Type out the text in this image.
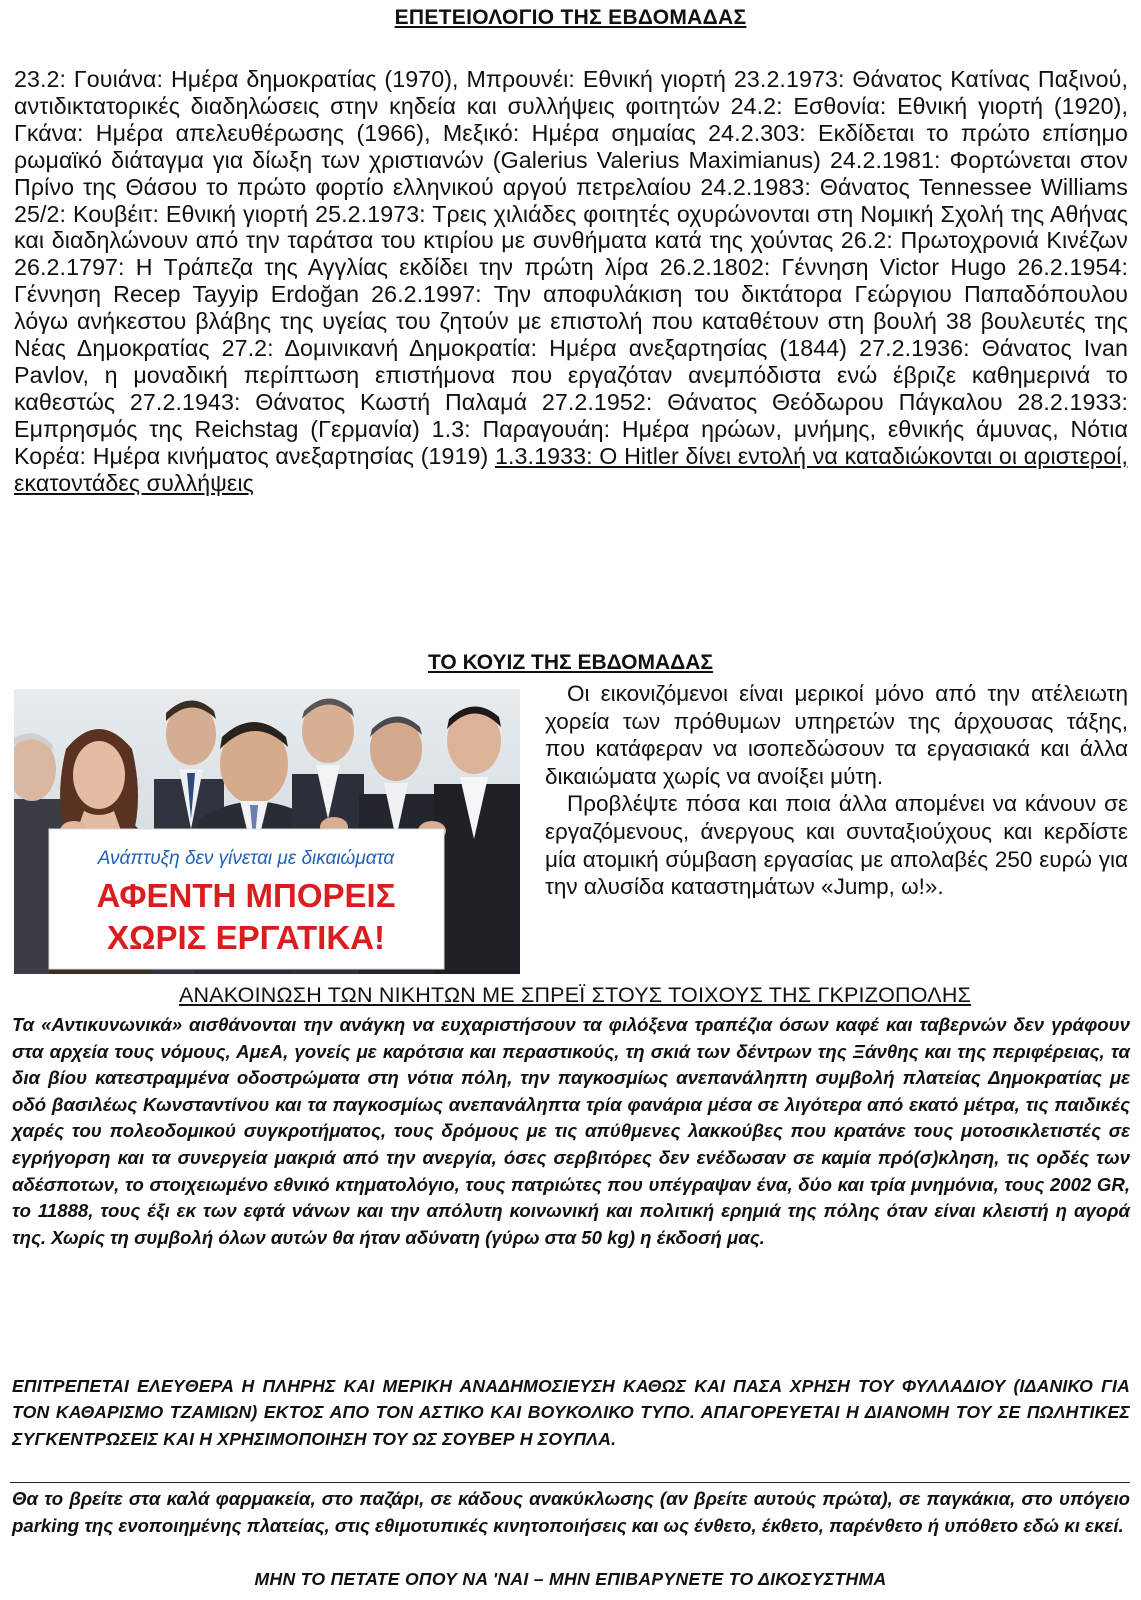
ΕΠΕΤΕΙΟΛΟΓΙΟ ΤΗΣ ΕΒΔΟΜΑΔΑΣ
23.2: Γουιάνα: Ημέρα δημοκρατίας (1970), Μπρουνέι: Εθνική γιορτή 23.2.1973: Θάνατος Κατίνας Παξινού, αντιδικτατορικές διαδηλώσεις στην κηδεία και συλλήψεις φοιτητών 24.2: Εσθονία: Εθνική γιορτή (1920), Γκάνα: Ημέρα απελευθέρωσης (1966), Μεξικό: Ημέρα σημαίας 24.2.303: Εκδίδεται το πρώτο επίσημο ρωμαϊκό διάταγμα για δίωξη των χριστιανών (Galerius Valerius Maximianus) 24.2.1981: Φορτώνεται στον Πρίνο της Θάσου το πρώτο φορτίο ελληνικού αργού πετρελαίου 24.2.1983: Θάνατος Tennessee Williams 25/2: Κουβέιτ: Εθνική γιορτή 25.2.1973: Τρεις χιλιάδες φοιτητές οχυρώνονται στη Νομική Σχολή της Αθήνας και διαδηλώνουν από την ταράτσα του κτιρίου με συνθήματα κατά της χούντας 26.2: Πρωτοχρονιά Κινέζων 26.2.1797: Η Τράπεζα της Αγγλίας εκδίδει την πρώτη λίρα 26.2.1802: Γέννηση Victor Hugo 26.2.1954: Γέννηση Recep Tayyip Erdoğan 26.2.1997: Την αποφυλάκιση του δικτάτορα Γεώργιου Παπαδόπουλου λόγω ανήκεστου βλάβης της υγείας του ζητούν με επιστολή που καταθέτουν στη βουλή 38 βουλευτές της Νέας Δημοκρατίας 27.2: Δομινικανή Δημοκρατία: Ημέρα ανεξαρτησίας (1844) 27.2.1936: Θάνατος Ivan Pavlov, η μοναδική περίπτωση επιστήμονα που εργαζόταν ανεμπόδιστα ενώ έβριζε καθημερινά το καθεστώς 27.2.1943: Θάνατος Κωστή Παλαμά 27.2.1952: Θάνατος Θεόδωρου Πάγκαλου 28.2.1933: Εμπρησμός της Reichstag (Γερμανία) 1.3: Παραγουάη: Ημέρα ηρώων, μνήμης, εθνικής άμυνας, Νότια Κορέα: Ημέρα κινήματος ανεξαρτησίας (1919) 1.3.1933: Ο Hitler δίνει εντολή να καταδιώκονται οι αριστεροί, εκατοντάδες συλλήψεις
ΤΟ ΚΟΥΙΖ ΤΗΣ ΕΒΔΟΜΑΔΑΣ
Ανάπτυξη δεν γίνεται με δικαιώματα
ΑΦΕΝΤΗ ΜΠΟΡΕΙΣ
ΧΩΡΙΣ ΕΡΓΑΤΙΚΑ!

Οι εικονιζόμενοι είναι μερικοί μόνο από την ατέλειωτη χορεία των πρόθυμων υπηρετών της άρχουσας τάξης, που κατάφεραν να ισοπεδώσουν τα εργασιακά και άλλα δικαιώματα χωρίς να ανοίξει μύτη.

Προβλέψτε πόσα και ποια άλλα απομένει να κάνουν σε εργαζόμενους, άνεργους και συνταξιούχους και κερδίστε μία ατομική σύμβαση εργασίας με απολαβές 250 ευρώ για την αλυσίδα καταστημάτων «Jump, ω!».

ΑΝΑΚΟΙΝΩΣΗ ΤΩΝ ΝΙΚΗΤΩΝ ΜΕ ΣΠΡΕΪ ΣΤΟΥΣ ΤΟΙΧΟΥΣ ΤΗΣ ΓΚΡΙΖΟΠΟΛΗΣ
Τα «Αντικυνωνικά» αισθάνονται την ανάγκη να ευχαριστήσουν τα φιλόξενα τραπέζια όσων καφέ και ταβερνών δεν γράφουν στα αρχεία τους νόμους, ΑμεΑ, γονείς με καρότσια και περαστικούς, τη σκιά των δέντρων της Ξάνθης και της περιφέρειας, τα δια βίου κατεστραμμένα οδοστρώματα στη νότια πόλη, την παγκοσμίως ανεπανάληπτη συμβολή πλατείας Δημοκρατίας με οδό βασιλέως Κωνσταντίνου και τα παγκοσμίως ανεπανάληπτα τρία φανάρια μέσα σε λιγότερα από εκατό μέτρα, τις παιδικές χαρές του πολεοδομικού συγκροτήματος, τους δρόμους με τις απύθμενες λακκούβες που κρατάνε τους μοτοσικλετιστές σε εγρήγορση και τα συνεργεία μακριά από την ανεργία, όσες σερβιτόρες δεν ενέδωσαν σε καμία πρό(σ)κληση, τις ορδές των αδέσποτων, το στοιχειωμένο εθνικό κτηματολόγιο, τους πατριώτες που υπέγραψαν ένα, δύο και τρία μνημόνια, τους 2002 GR, το 11888, τους έξι εκ των εφτά νάνων και την απόλυτη κοινωνική και πολιτική ερημιά της πόλης όταν είναι κλειστή η αγορά της. Χωρίς τη συμβολή όλων αυτών θα ήταν αδύνατη (γύρω στα 50 kg) η έκδοσή μας.
ΕΠΙΤΡΕΠΕΤΑΙ ΕΛΕΥΘΕΡΑ Η ΠΛΗΡΗΣ ΚΑΙ ΜΕΡΙΚΗ ΑΝΑΔΗΜΟΣΙΕΥΣΗ ΚΑΘΩΣ ΚΑΙ ΠΑΣΑ ΧΡΗΣΗ ΤΟΥ ΦΥΛΛΑΔΙΟΥ (ΙΔΑΝΙΚΟ ΓΙΑ ΤΟΝ ΚΑΘΑΡΙΣΜΟ ΤΖΑΜΙΩΝ) ΕΚΤΟΣ ΑΠΟ ΤΟΝ ΑΣΤΙΚΟ ΚΑΙ ΒΟΥΚΟΛΙΚΟ ΤΥΠΟ. ΑΠΑΓΟΡΕΥΕΤΑΙ Η ΔΙΑΝΟΜΗ ΤΟΥ ΣΕ ΠΩΛΗΤΙΚΕΣ ΣΥΓΚΕΝΤΡΩΣΕΙΣ ΚΑΙ Η ΧΡΗΣΙΜΟΠΟΙΗΣΗ ΤΟΥ ΩΣ ΣΟΥΒΕΡ Η ΣΟΥΠΛΑ.
Θα το βρείτε στα καλά φαρμακεία, στο παζάρι, σε κάδους ανακύκλωσης (αν βρείτε αυτούς πρώτα), σε παγκάκια, στο υπόγειο parking της ενοποιημένης πλατείας, στις εθιμοτυπικές κινητοποιήσεις και ως ένθετο, έκθετο, παρένθετο ή υπόθετο εδώ κι εκεί.
ΜΗΝ ΤΟ ΠΕΤΑΤΕ ΟΠΟΥ ΝΑ 'ΝΑΙ – ΜΗΝ ΕΠΙΒΑΡΥΝΕΤΕ ΤΟ ΔΙΚΟΣΥΣΤΗΜΑ
